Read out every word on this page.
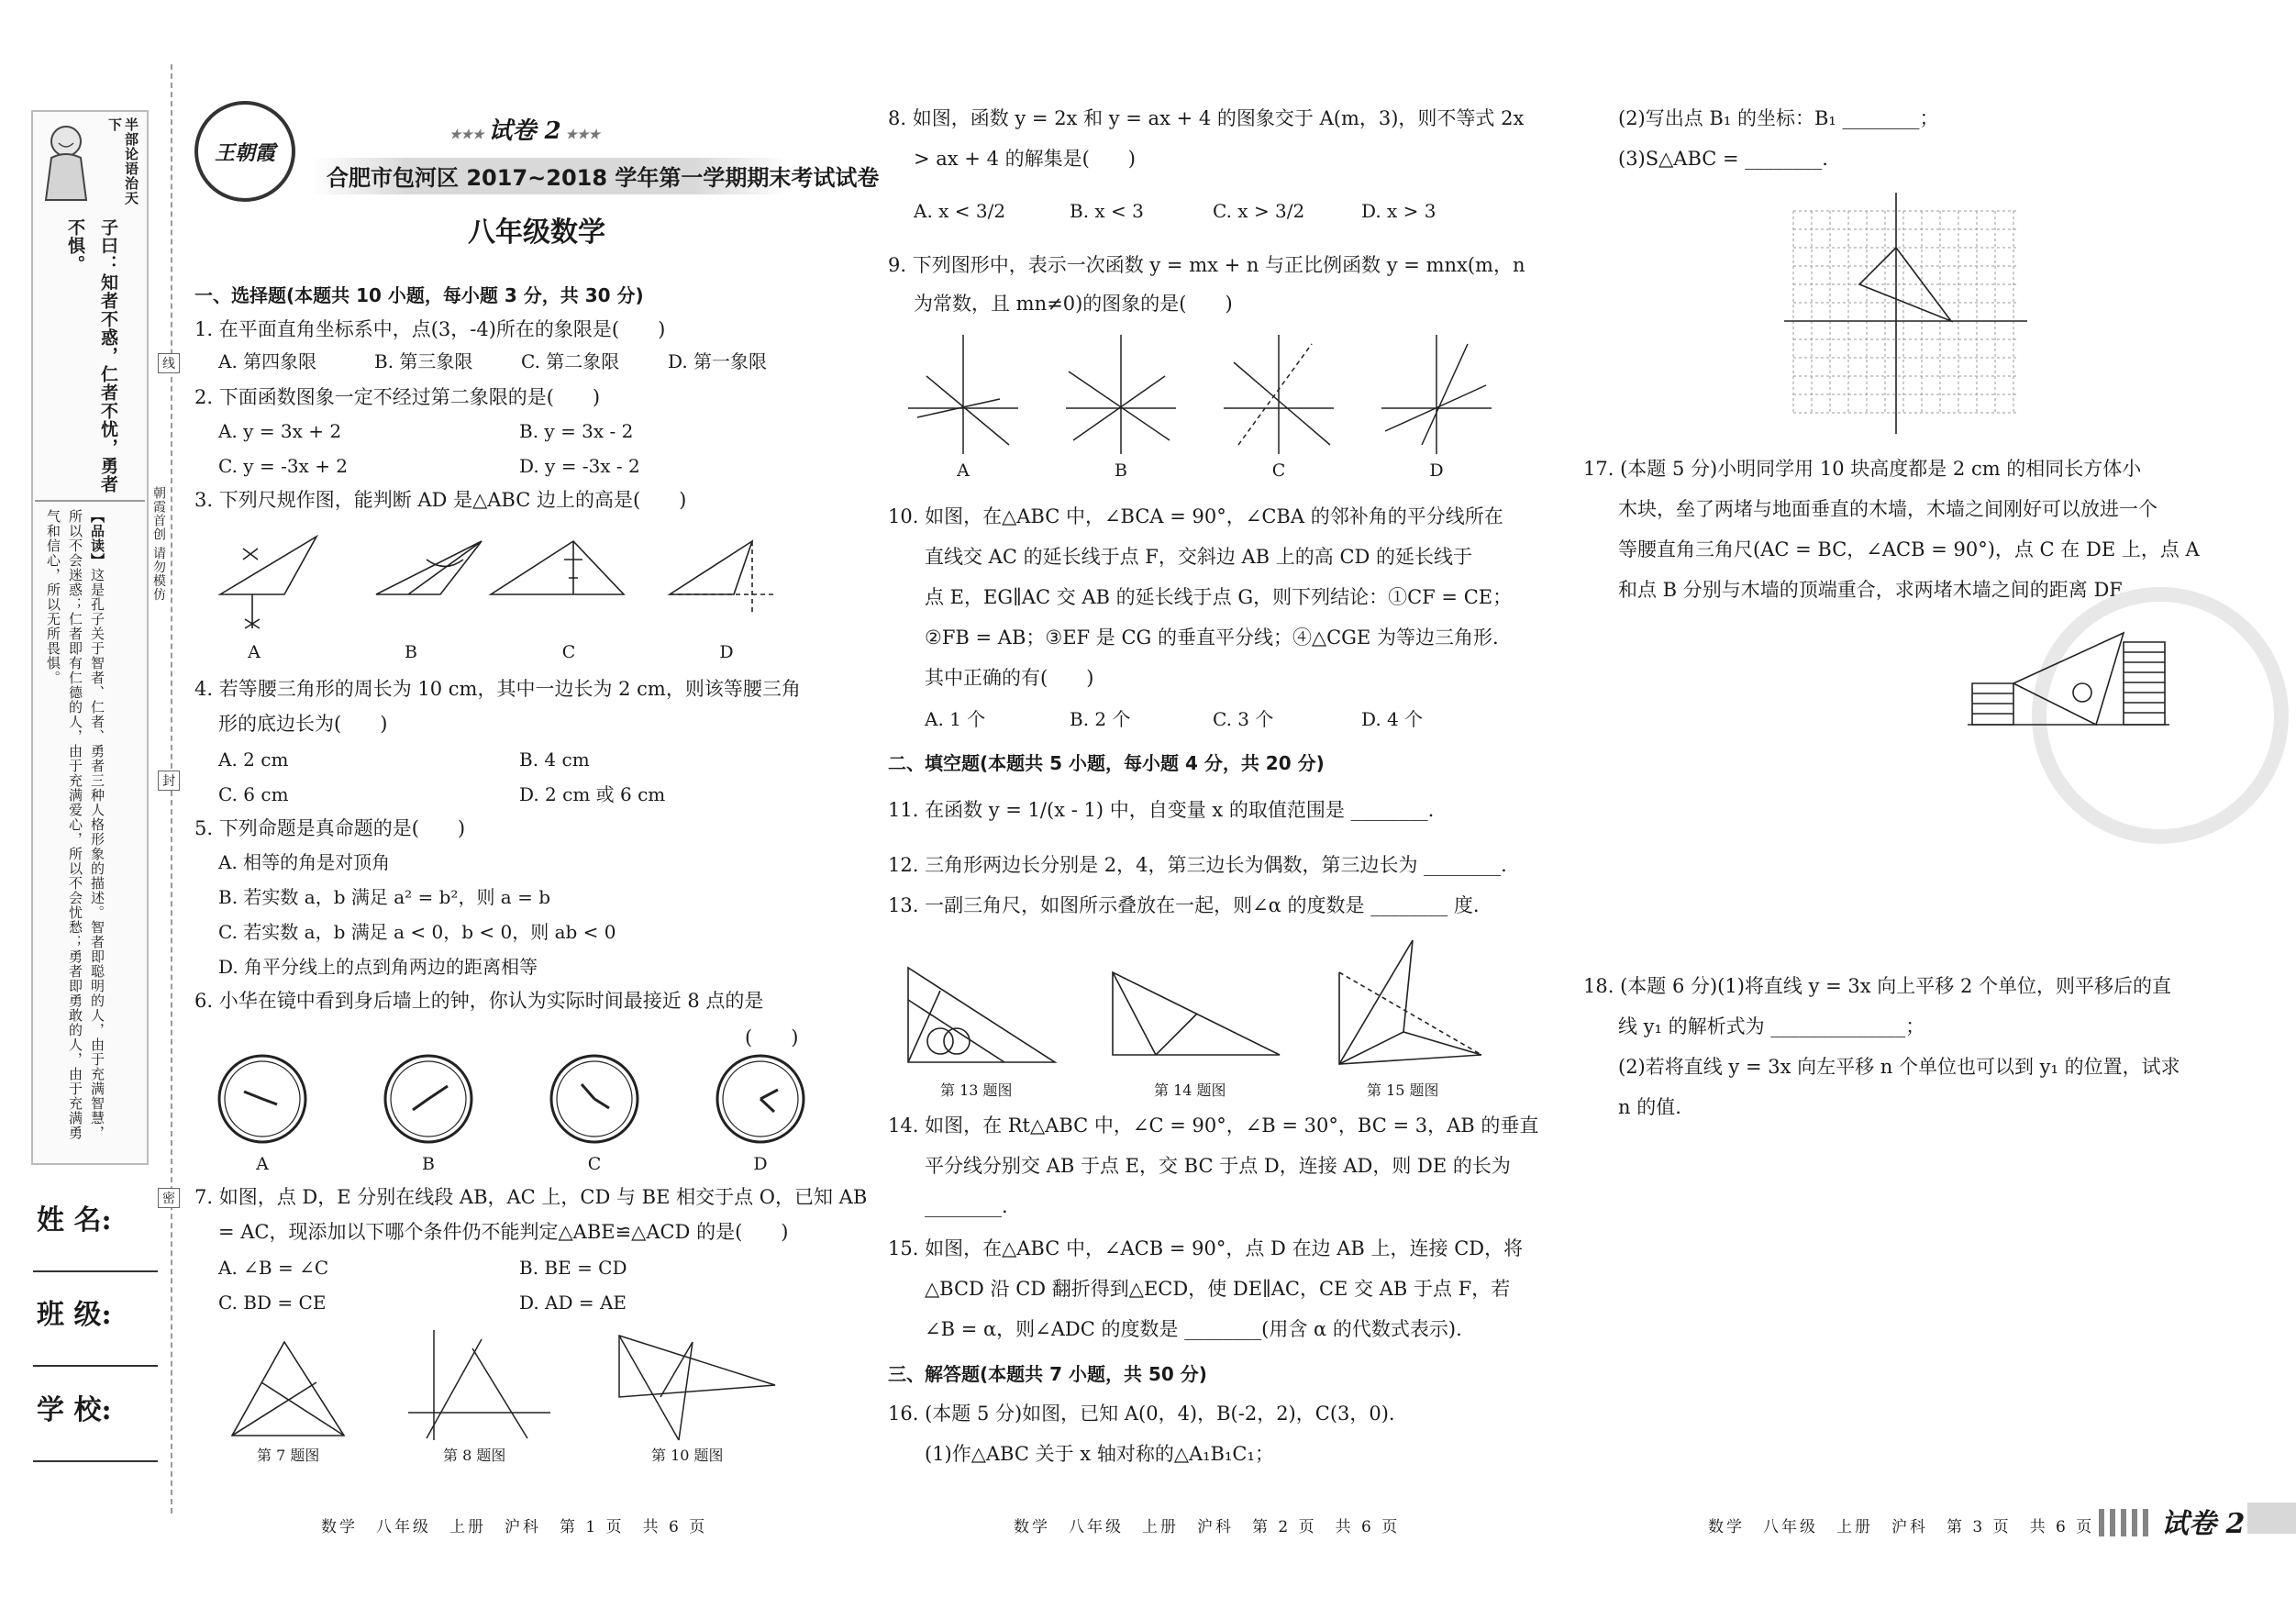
半部论语治天下
子曰：知者不惑，仁者不忧，勇者不惧。
【品读】这是孔子关于智者、仁者、勇者三种人格形象的描述。智者即聪明的人，由于充满智慧，所以不会迷惑；仁者即有仁德的人，由于充满爱心，所以不会忧愁；勇者即勇敢的人，由于充满勇气和信心，所以无所畏惧。	朝霞首创 请勿模仿
线
封
密
姓 名:
班 级:
学 校:
王朝霞
★★★ 试卷 2 ★★★
合肥市包河区 2017~2018 学年第一学期期末考试试卷
八年级数学
一、选择题(本题共 10 小题，每小题 3 分，共 30 分)
1. 在平面直角坐标系中，点(3，-4)所在的象限是(　　)
A. 第四象限	B. 第三象限	C. 第二象限	D. 第一象限
2. 下面函数图象一定不经过第二象限的是(　　)
A. y = 3x + 2	B. y = 3x - 2
C. y = -3x + 2	D. y = -3x - 2
3. 下列尺规作图，能判断 AD 是△ABC 边上的高是(　　)
A	B	C	D
4. 若等腰三角形的周长为 10 cm，其中一边长为 2 cm，则该等腰三角
形的底边长为(　　)
A. 2 cm	B. 4 cm
C. 6 cm	D. 2 cm 或 6 cm
5. 下列命题是真命题的是(　　)
A. 相等的角是对顶角
B. 若实数 a，b 满足 a² = b²，则 a = b
C. 若实数 a，b 满足 a < 0，b < 0，则 ab < 0
D. 角平分线上的点到角两边的距离相等
6. 小华在镜中看到身后墙上的钟，你认为实际时间最接近 8 点的是
(　　)
A	B	C	D
7. 如图，点 D，E 分别在线段 AB，AC 上，CD 与 BE 相交于点 O，已知 AB
= AC，现添加以下哪个条件仍不能判定△ABE≌△ACD 的是(　　)
A. ∠B = ∠C	B. BE = CD
C. BD = CE	D. AD = AE
第 7 题图	第 8 题图	第 10 题图
8. 如图，函数 y = 2x 和 y = ax + 4 的图象交于 A(m，3)，则不等式 2x
> ax + 4 的解集是(　　)
A. x < 3/2	B. x < 3	C. x > 3/2	D. x > 3
9. 下列图形中，表示一次函数 y = mx + n 与正比例函数 y = mnx(m，n
为常数，且 mn≠0)的图象的是(　　)
A	B	C	D
10. 如图，在△ABC 中，∠BCA = 90°，∠CBA 的邻补角的平分线所在
直线交 AC 的延长线于点 F，交斜边 AB 上的高 CD 的延长线于
点 E，EG∥AC 交 AB 的延长线于点 G，则下列结论：①CF = CE；
②FB = AB；③EF 是 CG 的垂直平分线；④△CGE 为等边三角形.
其中正确的有(　　)
A. 1 个	B. 2 个	C. 3 个	D. 4 个
二、填空题(本题共 5 小题，每小题 4 分，共 20 分)
11. 在函数 y = 1/(x - 1) 中，自变量 x 的取值范围是 ________.
12. 三角形两边长分别是 2，4，第三边长为偶数，第三边长为 ________.
13. 一副三角尺，如图所示叠放在一起，则∠α 的度数是 ________ 度.
第 13 题图	第 14 题图	第 15 题图
14. 如图，在 Rt△ABC 中，∠C = 90°，∠B = 30°，BC = 3，AB 的垂直
平分线分别交 AB 于点 E，交 BC 于点 D，连接 AD，则 DE 的长为
________.
15. 如图，在△ABC 中，∠ACB = 90°，点 D 在边 AB 上，连接 CD，将
△BCD 沿 CD 翻折得到△ECD，使 DE∥AC，CE 交 AB 于点 F，若
∠B = α，则∠ADC 的度数是 ________(用含 α 的代数式表示).
三、解答题(本题共 7 小题，共 50 分)
16. (本题 5 分)如图，已知 A(0，4)，B(-2，2)，C(3，0).
(1)作△ABC 关于 x 轴对称的△A₁B₁C₁；
(2)写出点 B₁ 的坐标：B₁ ________；
(3)S△ABC = ________.
17. (本题 5 分)小明同学用 10 块高度都是 2 cm 的相同长方体小
木块，垒了两堵与地面垂直的木墙，木墙之间刚好可以放进一个
等腰直角三角尺(AC = BC，∠ACB = 90°)，点 C 在 DE 上，点 A
和点 B 分别与木墙的顶端重合，求两堵木墙之间的距离 DE.
18. (本题 6 分)(1)将直线 y = 3x 向上平移 2 个单位，则平移后的直
线 y₁ 的解析式为 ______________；
(2)若将直线 y = 3x 向左平移 n 个单位也可以到 y₁ 的位置，试求
n 的值.
数学　八年级　上册　沪科　第 1 页　共 6 页	数学　八年级　上册　沪科　第 2 页　共 6 页	数学　八年级　上册　沪科　第 3 页　共 6 页 试卷 2
